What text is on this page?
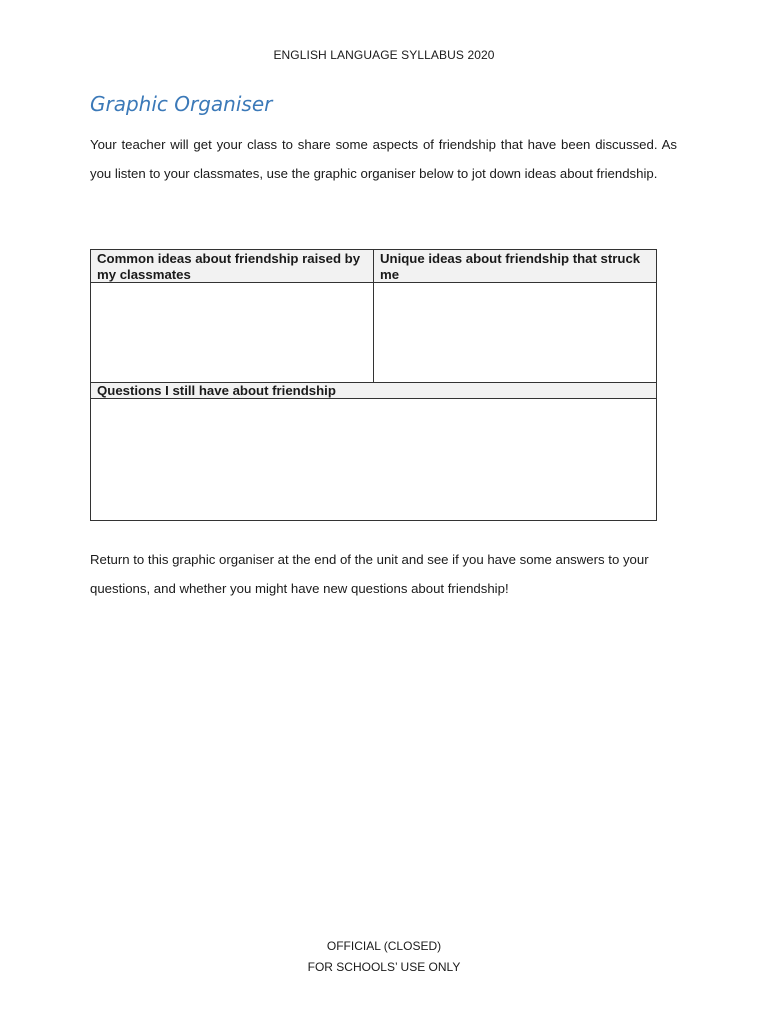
ENGLISH LANGUAGE SYLLABUS 2020
Graphic Organiser

Your teacher will get your class to share some aspects of friendship that have been discussed. As you listen to your classmates, use the graphic organiser below to jot down ideas about friendship.

Common ideas about friendship raised by my classmates
Unique ideas about friendship that struck me
Questions I still have about friendship

Return to this graphic organiser at the end of the unit and see if you have some answers to your questions, and whether you might have new questions about friendship!

OFFICIAL (CLOSED)
FOR SCHOOLS’ USE ONLY
